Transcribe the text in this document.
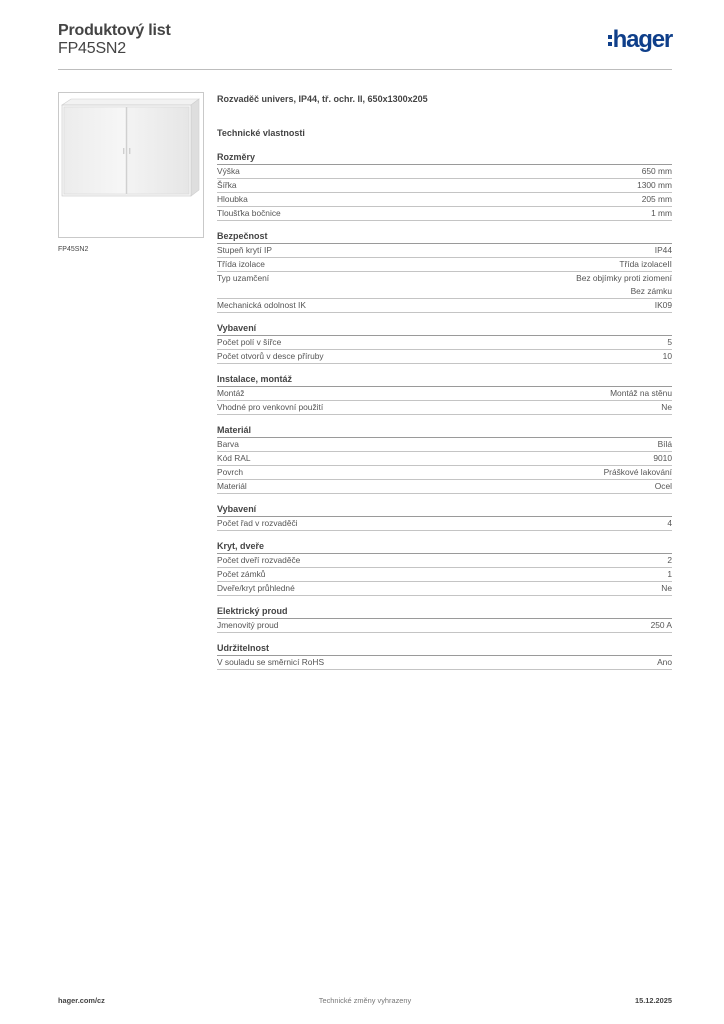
Produktový list
FP45SN2	hager
FP45SN2
Rozvaděč univers, IP44, tř. ochr. II, 650x1300x205
Technické vlastnosti
Rozměry
Výška	650 mm
Šířka	1300 mm
Hloubka	205 mm
Tloušťka bočnice	1 mm
Bezpečnost
Stupeň krytí IP	IP44
Třída izolace	Třída izolaceII
Typ uzamčení	Bez objímky proti ziomení
Bez zámku
Mechanická odolnost IK	IK09
Vybavení
Počet polí v šířce	5
Počet otvorů v desce příruby	10
Instalace, montáž
Montáž	Montáž na stěnu
Vhodné pro venkovní použití	Ne
Materiál
Barva	Bílá
Kód RAL	9010
Povrch	Práškové lakování
Materiál	Ocel
Vybavení
Počet řad v rozvaděči	4
Kryt, dveře
Počet dveří rozvaděče	2
Počet zámků	1
Dveře/kryt průhledné	Ne
Elektrický proud
Jmenovitý proud	250 A
Udržitelnost
V souladu se směrnicí RoHS	Ano
hager.com/cz	Technické změny vyhrazeny	15.12.2025
